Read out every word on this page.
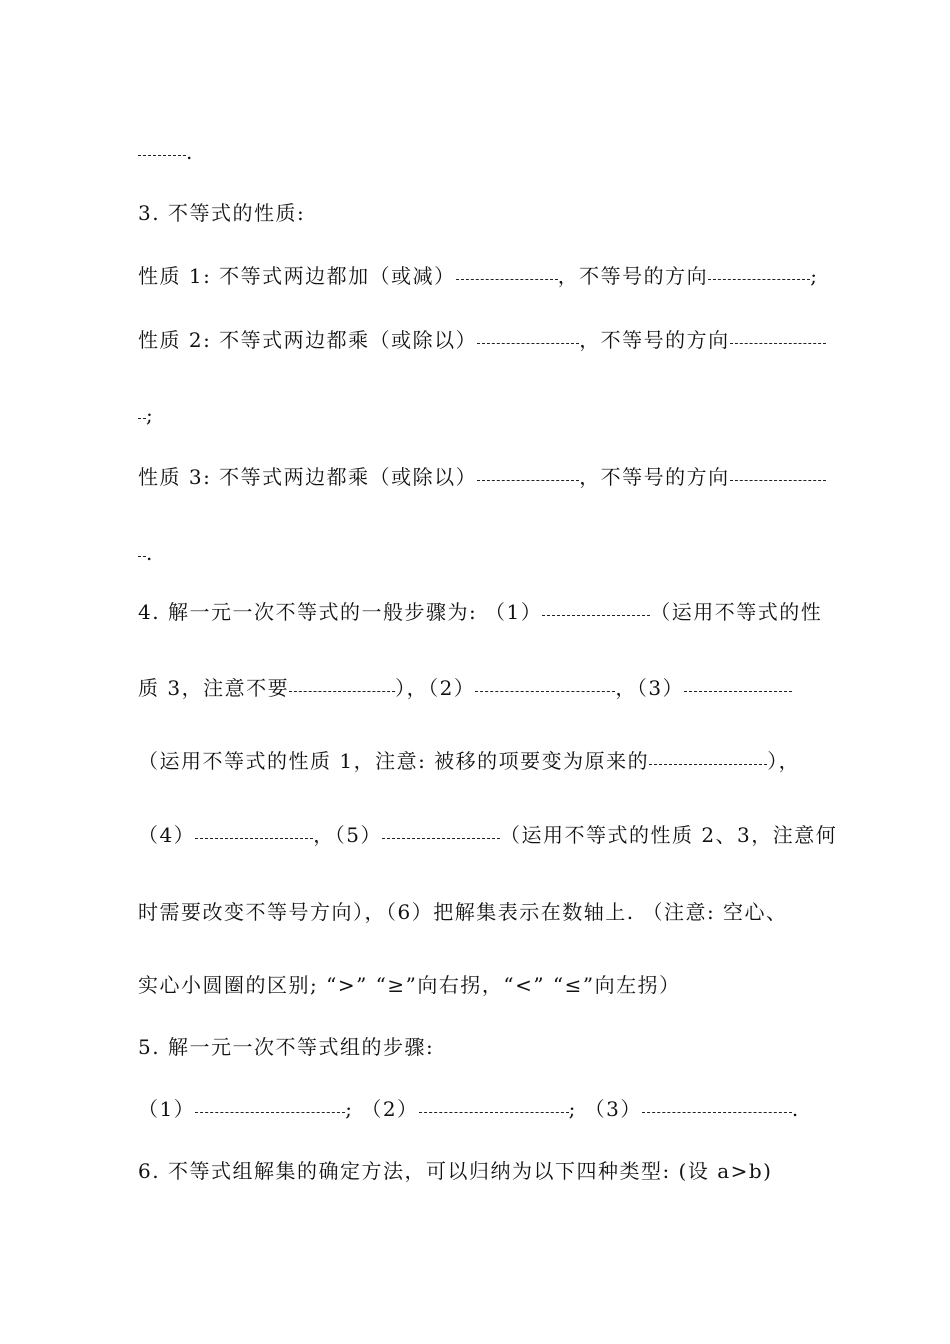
.
3. 不等式的性质:
性质 1: 不等式两边都加（或减）	，不等号的方向	;
性质 2: 不等式两边都乘（或除以）	，不等号的方向
;
性质 3: 不等式两边都乘（或除以）	，不等号的方向
.
4. 解一元一次不等式的一般步骤为: （1）	（运用不等式的性
质 3，注意不要	），（2）	，（3）
（运用不等式的性质 1，注意: 被移的项要变为原来的	），
（4）	，（5）	（运用不等式的性质 2、3，注意何
时需要改变不等号方向），（6）把解集表示在数轴上. （注意: 空心、
实心小圆圈的区别; “>” “≥”向右拐，“<” “≤”向左拐）
5. 解一元一次不等式组的步骤:
（1）	; （2）	; （3）	.
6. 不等式组解集的确定方法，可以归纳为以下四种类型: (设 a>b)
